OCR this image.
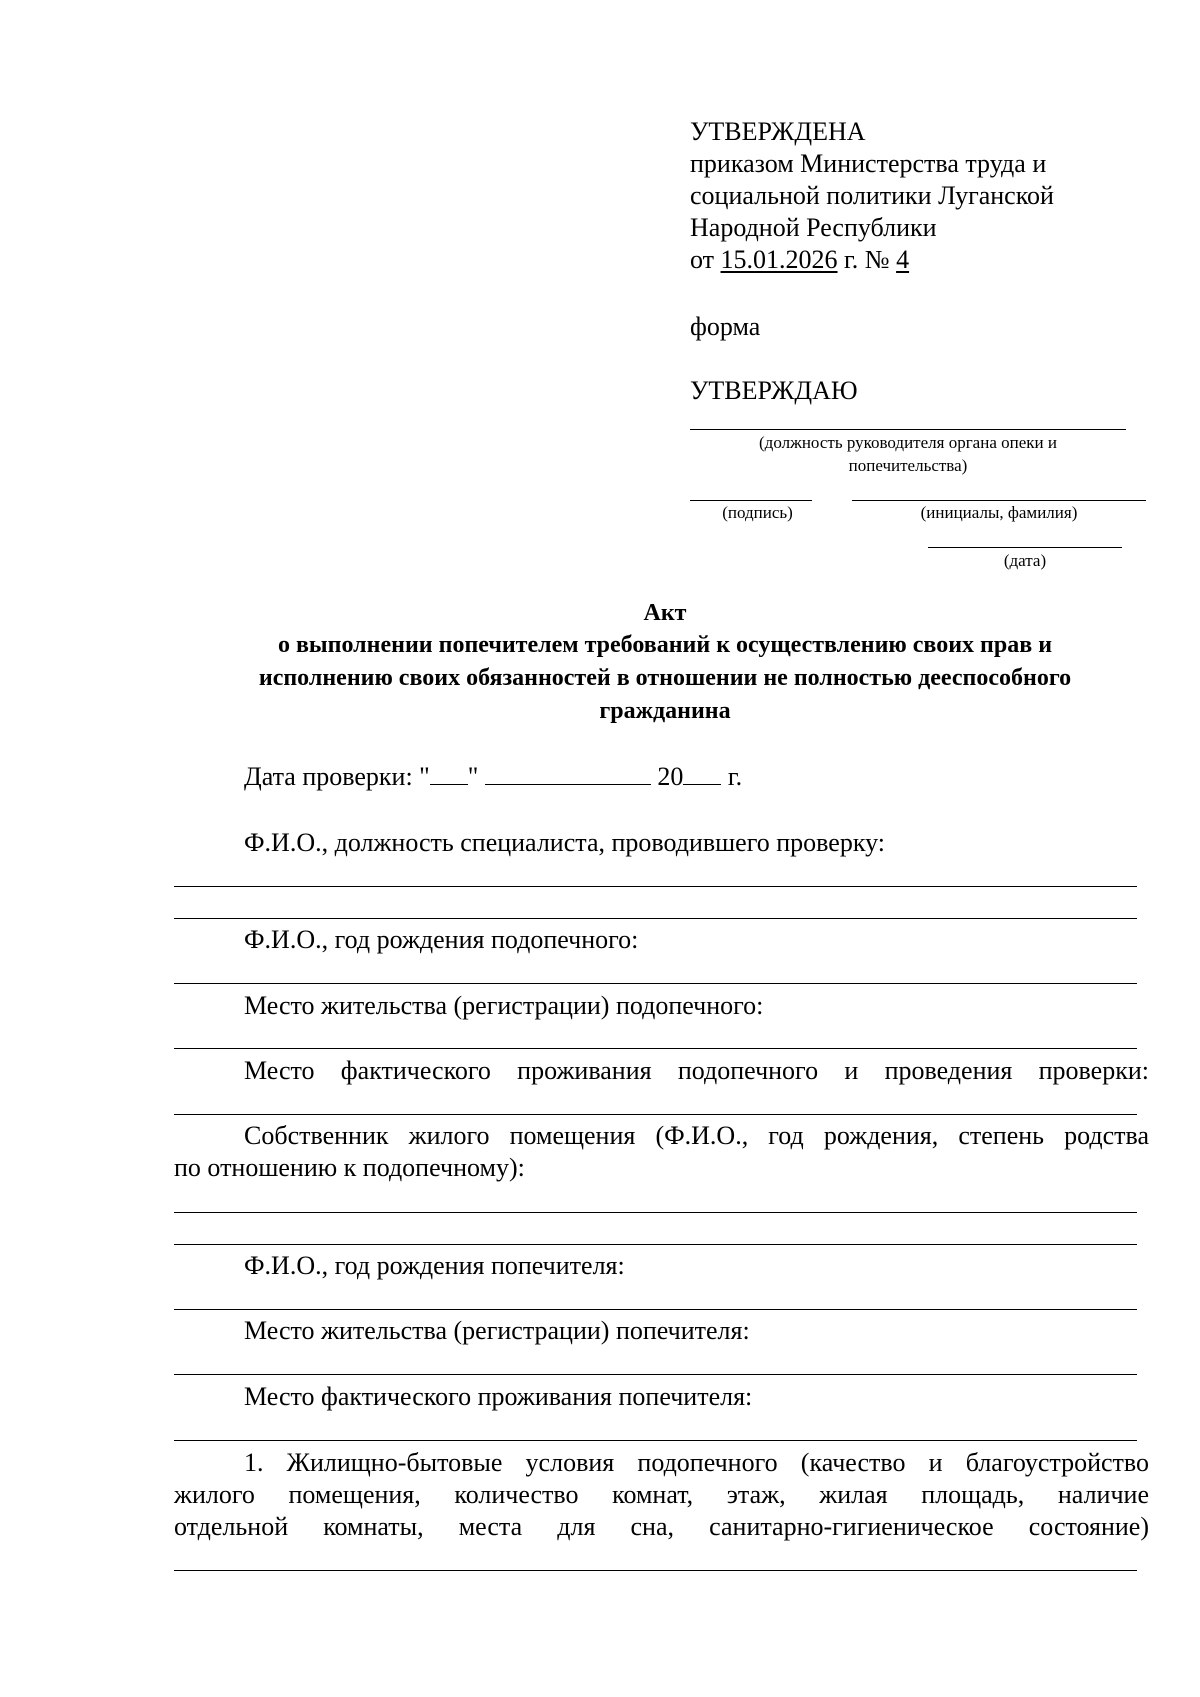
УТВЕРЖДЕНА
приказом Министерства труда и
социальной политики Луганской
Народной Республики
от 15.01.2026 г. № 4
форма
УТВЕРЖДАЮ
(должность руководителя органа опеки и
попечительства)
(подпись)	(инициалы, фамилия)
(дата)
Акт
о выполнении попечителем требований к осуществлению своих прав и
исполнению своих обязанностей в отношении не полностью дееспособного
гражданина
Дата проверки: " "	20 г.
Ф.И.О., должность специалиста, проводившего проверку:
Ф.И.О., год рождения подопечного:
Место жительства (регистрации) подопечного:
Место фактического проживания подопечного и проведения проверки:
Собственник жилого помещения (Ф.И.О., год рождения, степень родства
по отношению к подопечному):
Ф.И.О., год рождения попечителя:
Место жительства (регистрации) попечителя:
Место фактического проживания попечителя:
1. Жилищно-бытовые условия подопечного (качество и благоустройство
жилого помещения, количество комнат, этаж, жилая площадь, наличие
отдельной комнаты, места для сна, санитарно-гигиеническое состояние)
